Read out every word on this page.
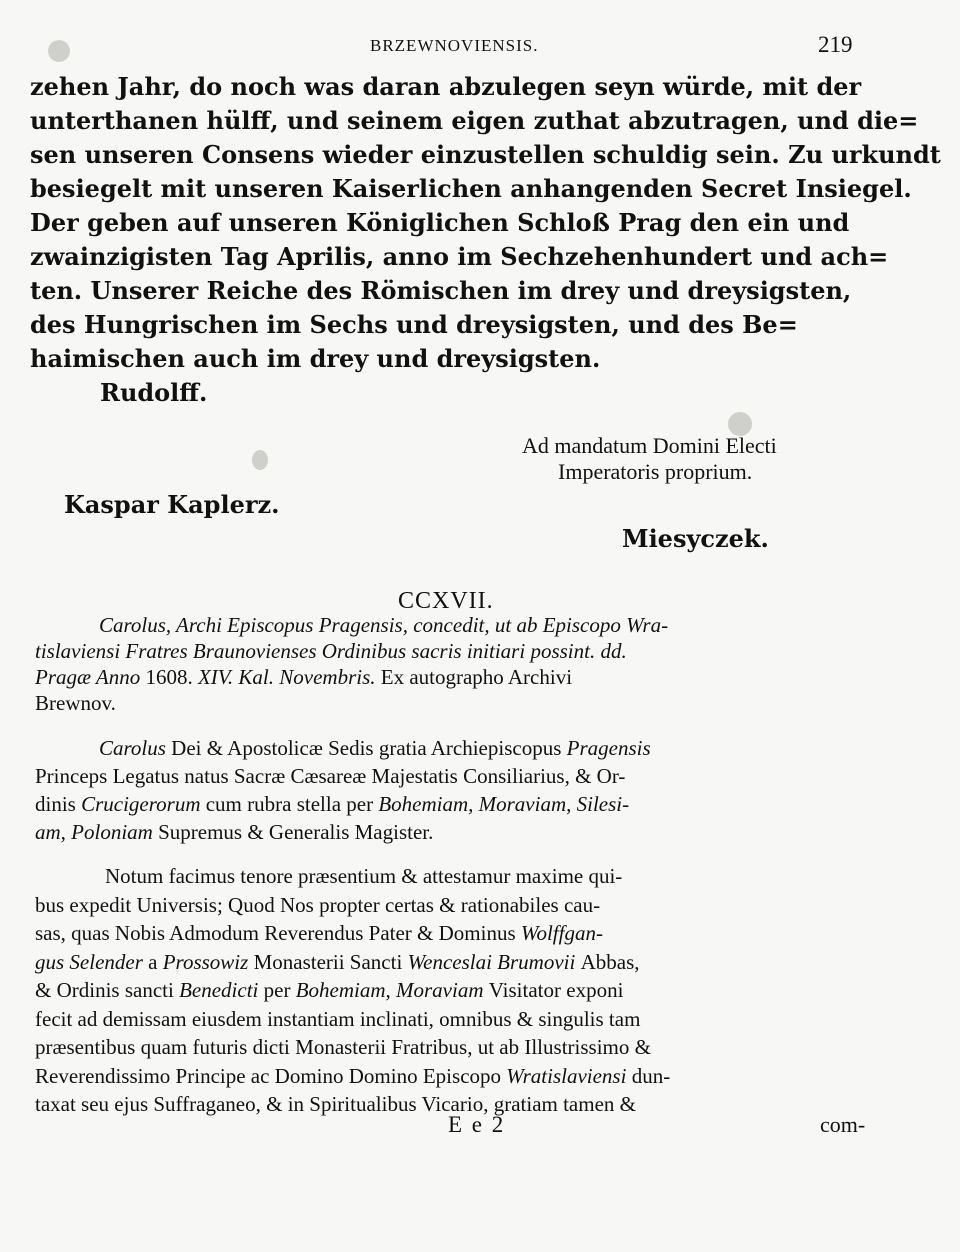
BRZEWNOVIENSIS.	219
zehen Jahr, do noch was daran abzulegen seyn würde, mit der
unterthanen hülff, und seinem eigen zuthat abzutragen, und die=
sen unseren Consens wieder einzustellen schuldig sein. Zu urkundt
besiegelt mit unseren Kaiserlichen anhangenden Secret Insiegel.
Der geben auf unseren Königlichen Schloß Prag den ein und
zwainzigisten Tag Aprilis, anno im Sechzehenhundert und ach=
ten. Unserer Reiche des Römischen im drey und dreysigsten,
des Hungrischen im Sechs und dreysigsten, und des Be=
haimischen auch im drey und dreysigsten.
Rudolff.
Kaspar Kaplerz.
Miesyczek.
Ad mandatum Domini Electi
Imperatoris proprium.
CCXVII.
Carolus, Archi Episcopus Pragensis, concedit, ut ab Episcopo Wra-
tislaviensi Fratres Braunovienses Ordinibus sacris initiari possint. dd.
Pragæ Anno 1608. XIV. Kal. Novembris. Ex autographo Archivi
Brewnov.
Carolus Dei & Apostolicæ Sedis gratia Archiepiscopus Pragensis
Princeps Legatus natus Sacræ Cæsareæ Majestatis Consiliarius, & Or-
dinis Crucigerorum cum rubra stella per Bohemiam, Moraviam, Silesi-
am, Poloniam Supremus & Generalis Magister.
Notum facimus tenore præsentium & attestamur maxime qui-
bus expedit Universis; Quod Nos propter certas & rationabiles cau-
sas, quas Nobis Admodum Reverendus Pater & Dominus Wolffgan-
gus Selender a Prossowiz Monasterii Sancti Wenceslai Brumovii Abbas,
& Ordinis sancti Benedicti per Bohemiam, Moraviam Visitator exponi
fecit ad demissam eiusdem instantiam inclinati, omnibus & singulis tam
præsentibus quam futuris dicti Monasterii Fratribus, ut ab Illustrissimo &
Reverendissimo Principe ac Domino Domino Episcopo Wratislaviensi dun-
taxat seu ejus Suffraganeo, & in Spiritualibus Vicario, gratiam tamen &
E e 2	com-
